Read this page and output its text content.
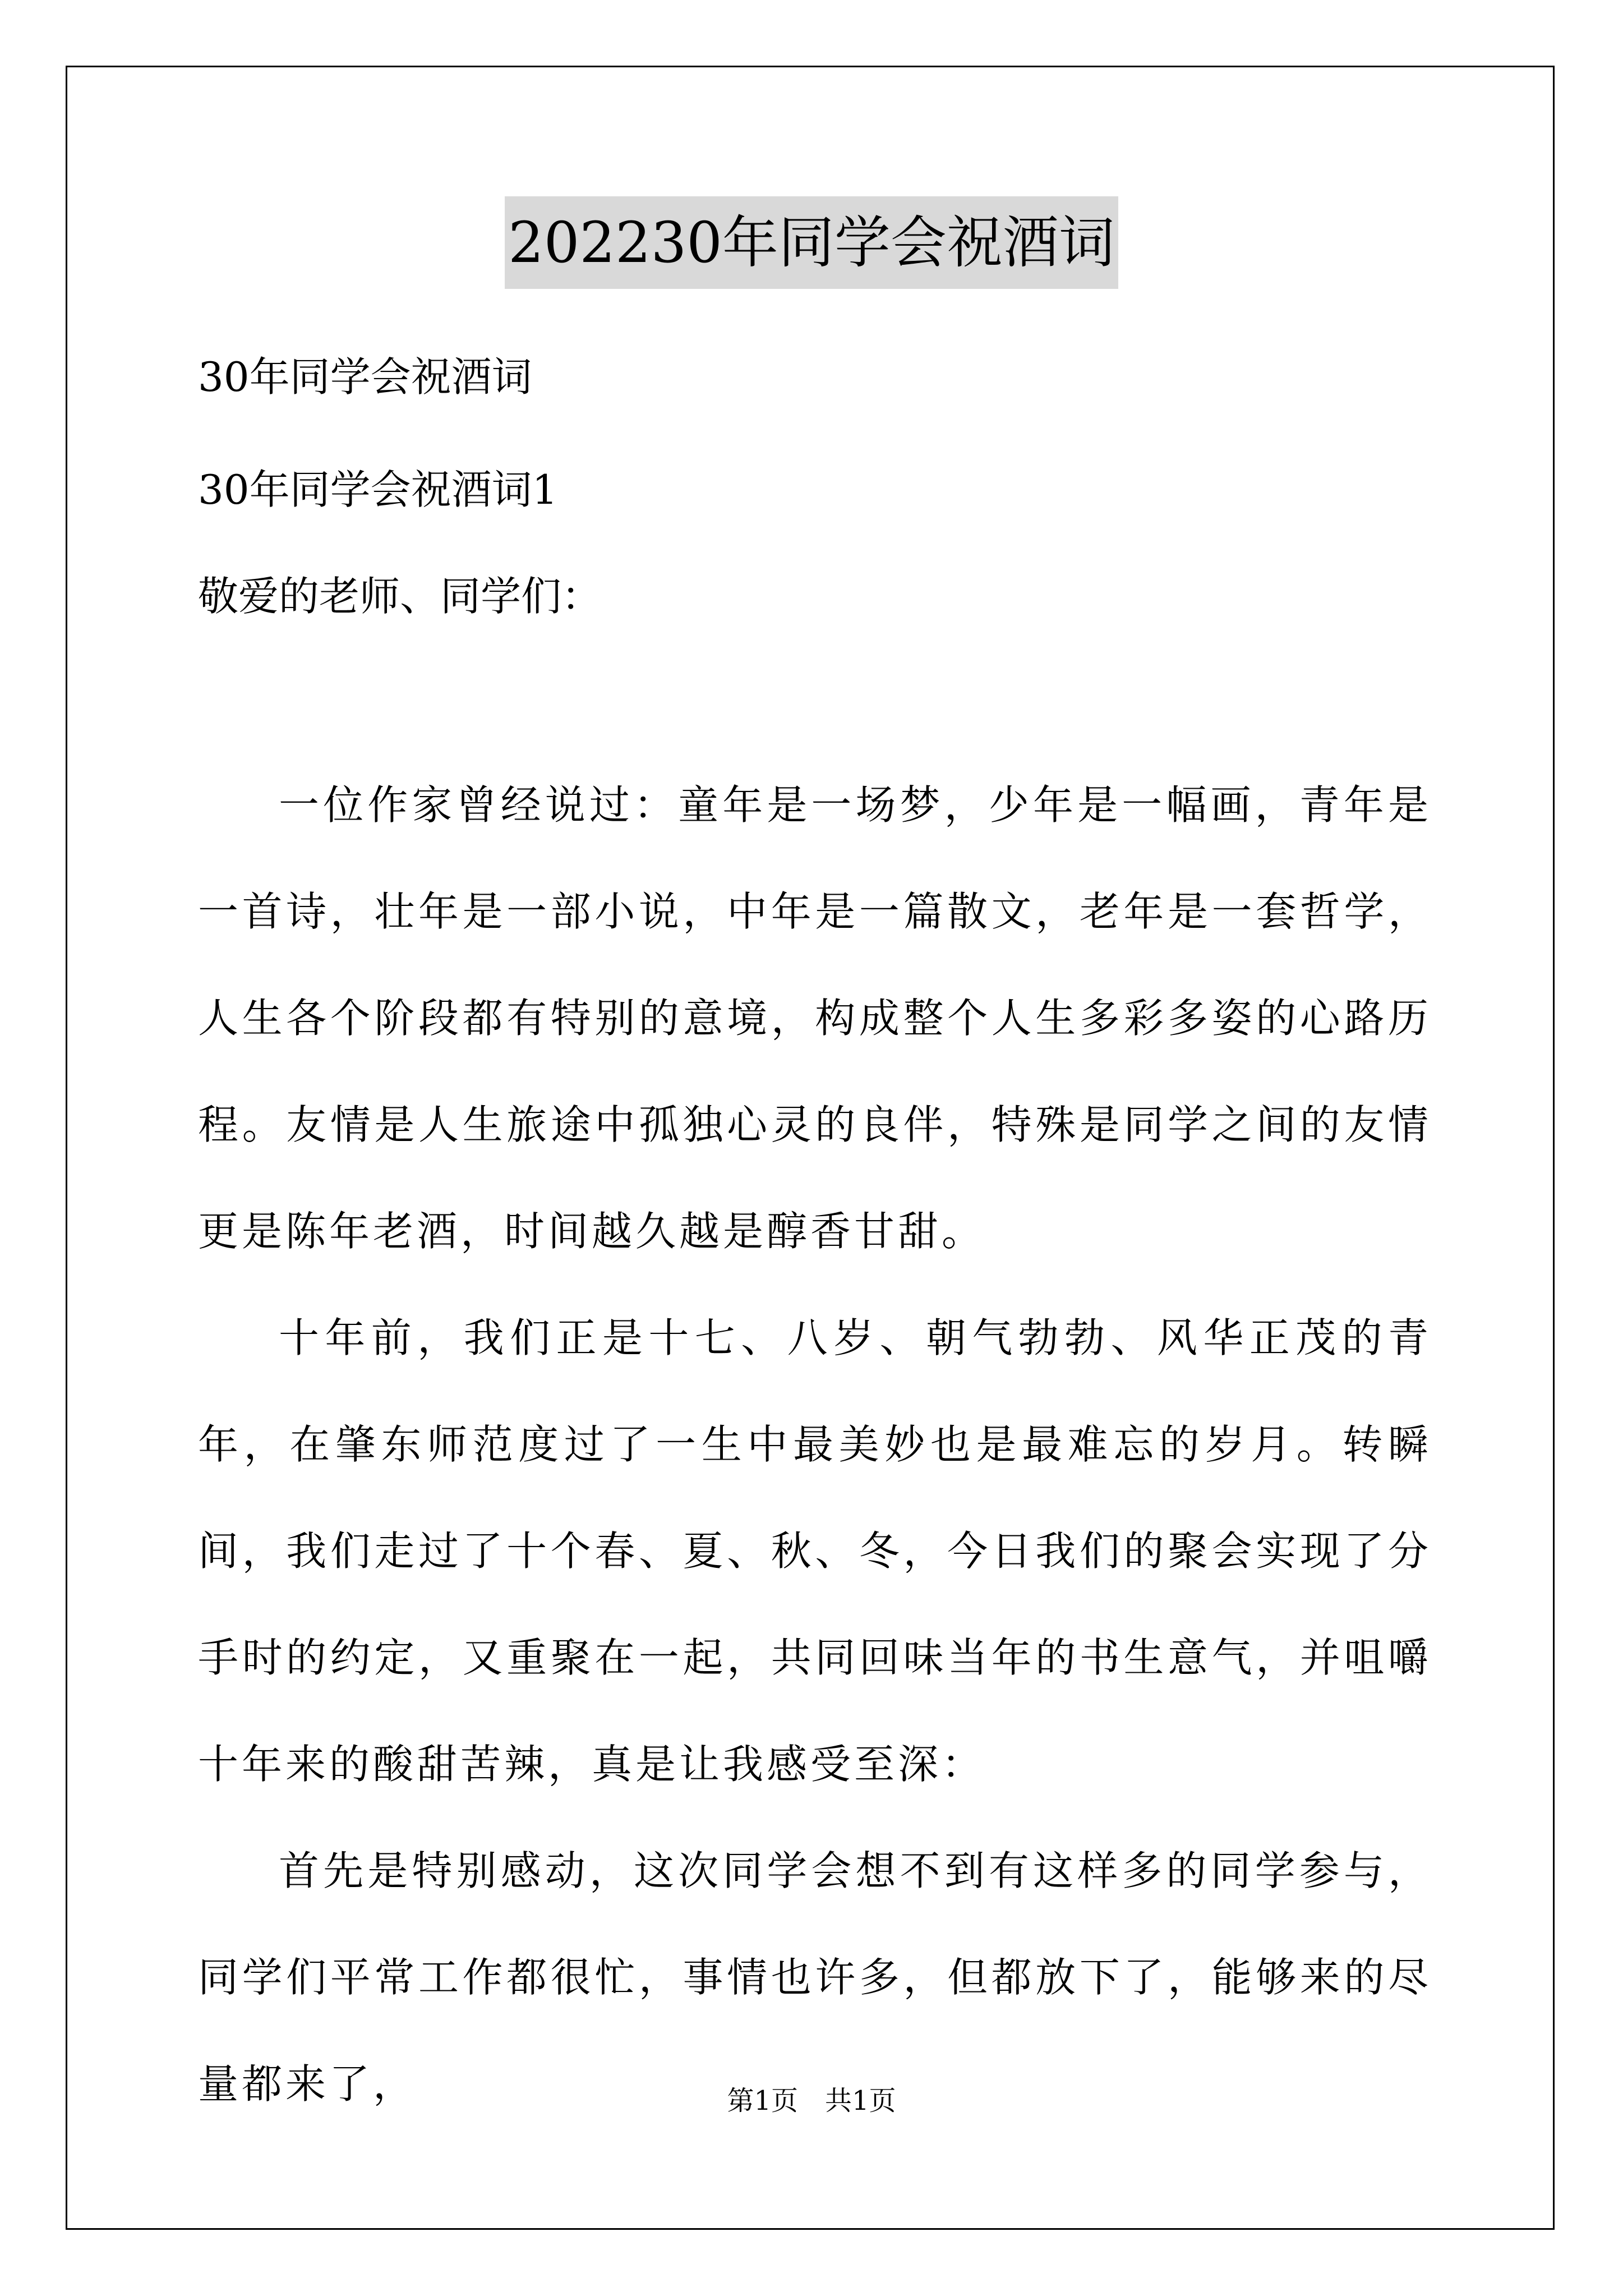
202230年同学会祝酒词
30年同学会祝酒词
30年同学会祝酒词1
敬爱的老师、同学们：

一位作家曾经说过：童年是一场梦，少年是一幅画，青年是一首诗，壮年是一部小说，中年是一篇散文，老年是一套哲学，人生各个阶段都有特别的意境，构成整个人生多彩多姿的心路历程。友情是人生旅途中孤独心灵的良伴，特殊是同学之间的友情更是陈年老酒，时间越久越是醇香甘甜。

十年前，我们正是十七、八岁、朝气勃勃、风华正茂的青年，在肇东师范度过了一生中最美妙也是最难忘的岁月。转瞬间，我们走过了十个春、夏、秋、冬，今日我们的聚会实现了分手时的约定，又重聚在一起，共同回味当年的书生意气，并咀嚼十年来的酸甜苦辣，真是让我感受至深：

首先是特别感动，这次同学会想不到有这样多的同学参与，同学们平常工作都很忙，事情也许多，但都放下了，能够来的尽量都来了，	第1页　共1页
